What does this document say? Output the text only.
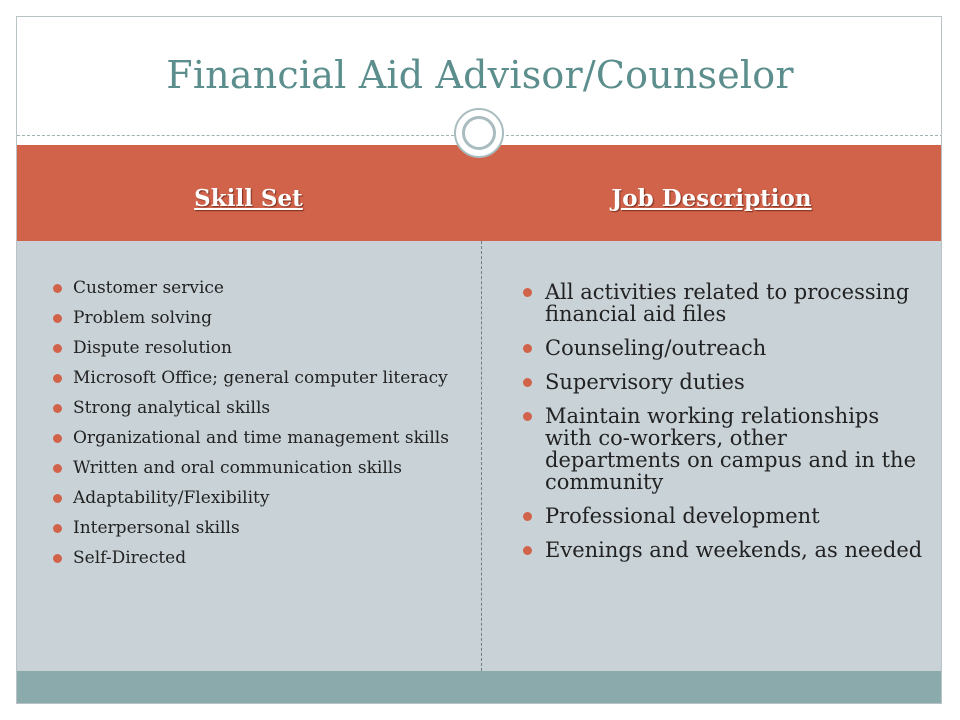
Financial Aid Advisor/Counselor
Skill Set	Job Description
Customer service
Problem solving
Dispute resolution
Microsoft Office; general computer literacy
Strong analytical skills
Organizational and time management skills
Written and oral communication skills
Adaptability/Flexibility
Interpersonal skills
Self-Directed
All activities related to processing financial aid files
Counseling/outreach
Supervisory duties
Maintain working relationships with co-workers, other departments on campus and in the community
Professional development
Evenings and weekends, as needed
